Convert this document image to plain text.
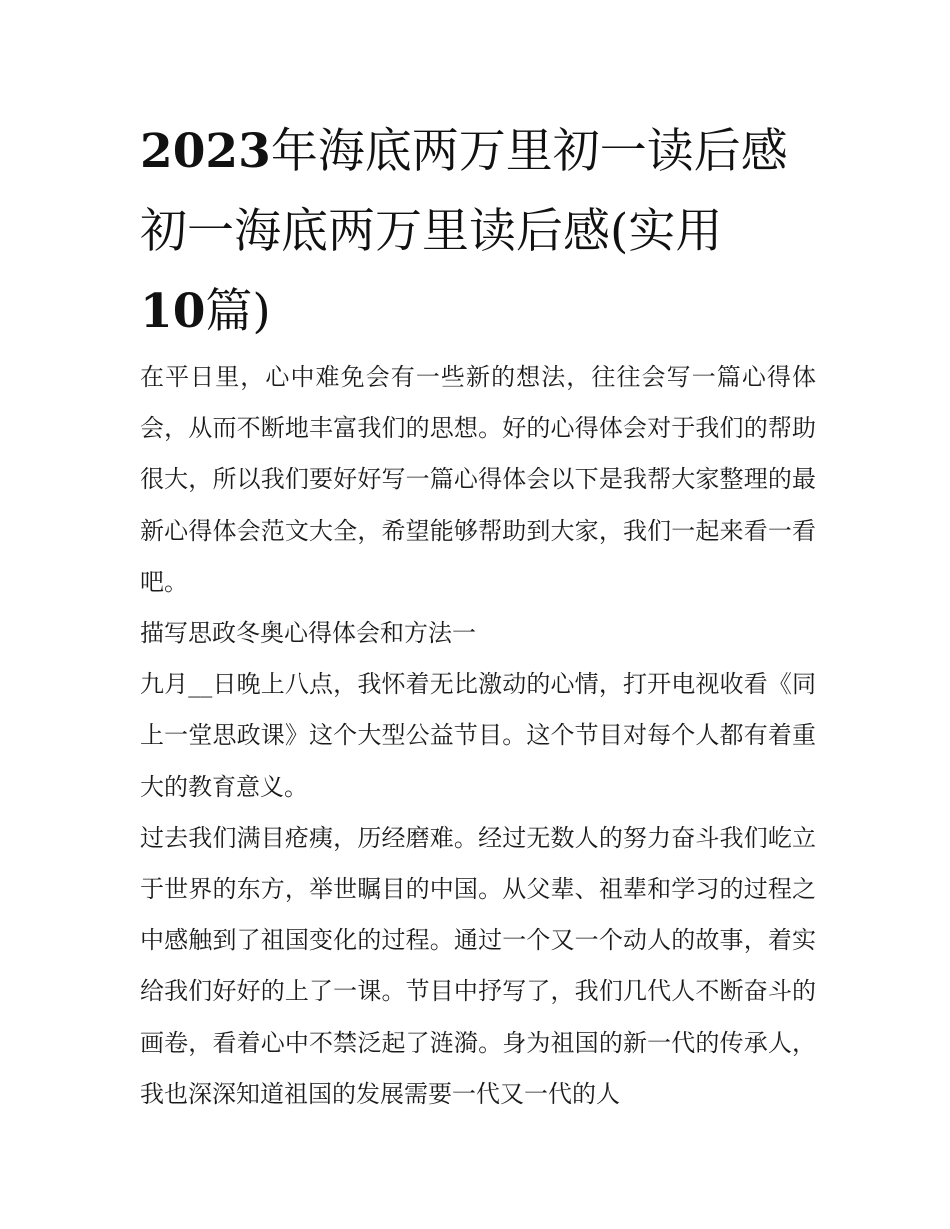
2023年海底两万里初一读后感
初一海底两万里读后感(实用
10篇)

在平日里，心中难免会有一些新的想法，往往会写一篇心得体会，从而不断地丰富我们的思想。好的心得体会对于我们的帮助很大，所以我们要好好写一篇心得体会以下是我帮大家整理的最新心得体会范文大全，希望能够帮助到大家，我们一起来看一看吧。

描写思政冬奥心得体会和方法一

九月__日晚上八点，我怀着无比激动的心情，打开电视收看《同上一堂思政课》这个大型公益节目。这个节目对每个人都有着重大的教育意义。

过去我们满目疮痍，历经磨难。经过无数人的努力奋斗我们屹立于世界的东方，举世瞩目的中国。从父辈、祖辈和学习的过程之中感触到了祖国变化的过程。通过一个又一个动人的故事，着实给我们好好的上了一课。节目中抒写了，我们几代人不断奋斗的画卷，看着心中不禁泛起了涟漪。身为祖国的新一代的传承人，我也深深知道祖国的发展需要一代又一代的人
